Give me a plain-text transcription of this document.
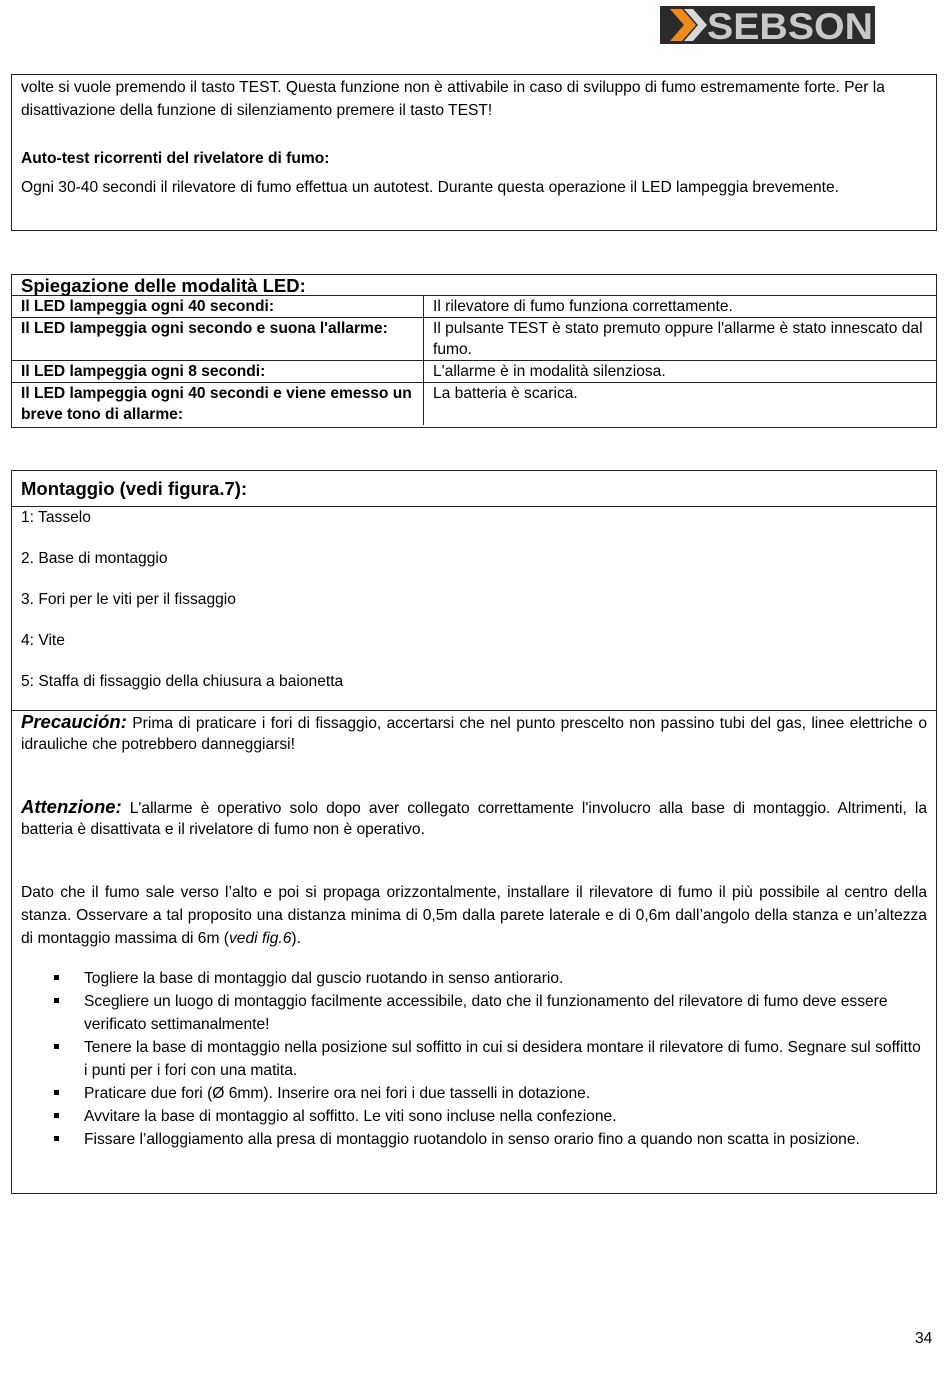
SEBSON

volte si vuole premendo il tasto TEST. Questa funzione non è attivabile in caso di sviluppo di fumo estremamente forte. Per la disattivazione della funzione di silenziamento premere il tasto TEST!

Auto-test ricorrenti del rivelatore di fumo:

Ogni 30-40 secondi il rilevatore di fumo effettua un autotest. Durante questa operazione il LED lampeggia brevemente.

Spiegazione delle modalità LED:
Il LED lampeggia ogni 40 secondi:	Il rilevatore di fumo funziona correttamente.
Il LED lampeggia ogni secondo e suona l'allarme:	Il pulsante TEST è stato premuto oppure l'allarme è stato innescato dal fumo.
Il LED lampeggia ogni 8 secondi:	L'allarme è in modalità silenziosa.
Il LED lampeggia ogni 40 secondi e viene emesso un breve tono di allarme:	La batteria è scarica.
Montaggio (vedi figura.7):
1: Tasselo
2. Base di montaggio
3. Fori per le viti per il fissaggio
4: Vite
5: Staffa di fissaggio della chiusura a baionetta

Precaución: Prima di praticare i fori di fissaggio, accertarsi che nel punto prescelto non passino tubi del gas, linee elettriche o idrauliche che potrebbero danneggiarsi!

Attenzione: L'allarme è operativo solo dopo aver collegato correttamente l'involucro alla base di montaggio. Altrimenti, la batteria è disattivata e il rivelatore di fumo non è operativo.

Dato che il fumo sale verso l’alto e poi si propaga orizzontalmente, installare il rilevatore di fumo il più possibile al centro della stanza. Osservare a tal proposito una distanza minima di 0,5m dalla parete laterale e di 0,6m dall’angolo della stanza e un’altezza di montaggio massima di 6m (vedi fig.6).

Togliere la base di montaggio dal guscio ruotando in senso antiorario.
Scegliere un luogo di montaggio facilmente accessibile, dato che il funzionamento del rilevatore di fumo deve essere verificato settimanalmente!
Tenere la base di montaggio nella posizione sul soffitto in cui si desidera montare il rilevatore di fumo. Segnare sul soffitto i punti per i fori con una matita.
Praticare due fori (Ø 6mm). Inserire ora nei fori i due tasselli in dotazione.
Avvitare la base di montaggio al soffitto. Le viti sono incluse nella confezione.
Fissare l’alloggiamento alla presa di montaggio ruotandolo in senso orario fino a quando non scatta in posizione.
34
